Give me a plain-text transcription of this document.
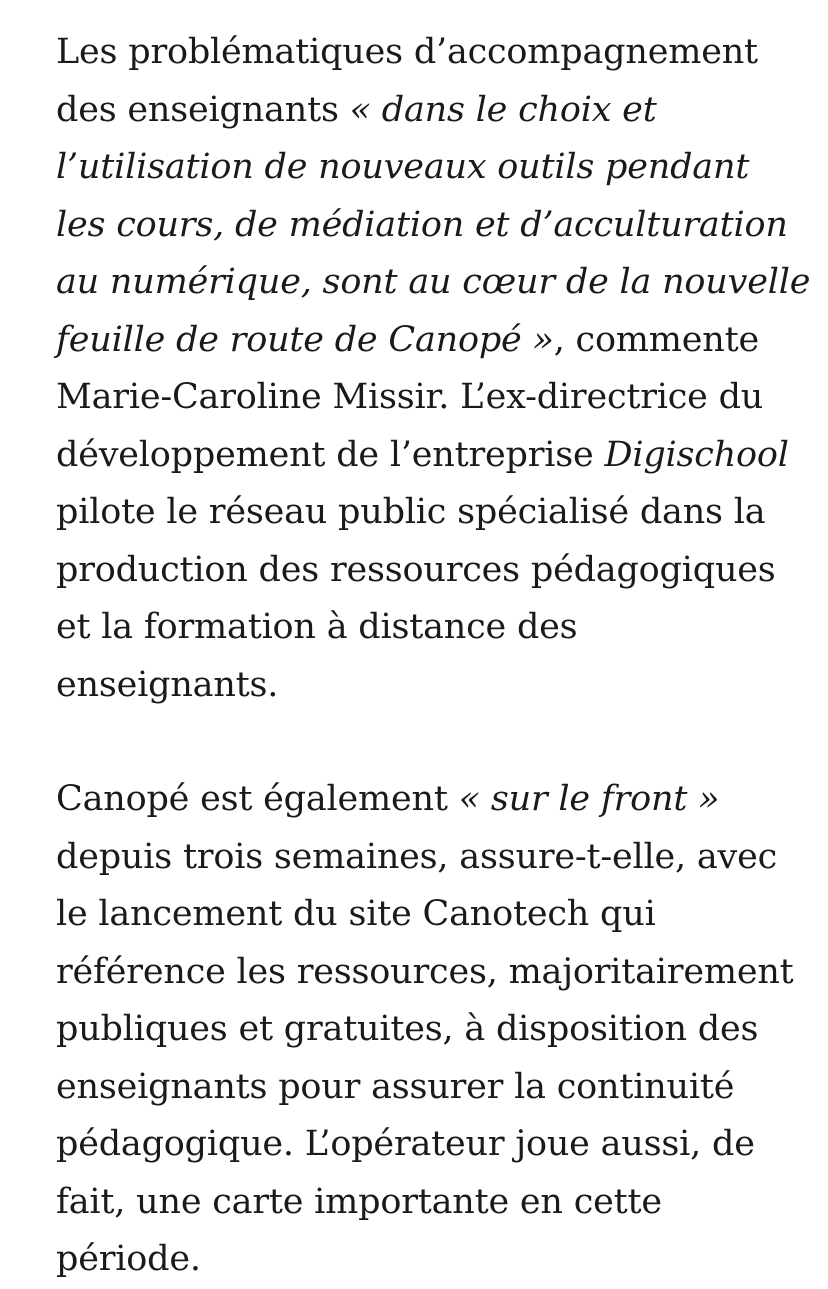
Les problématiques d’accompagnement
des enseignants « dans le choix et
l’utilisation de nouveaux outils pendant
les cours, de médiation et d’acculturation
au numérique, sont au cœur de la nouvelle
feuille de route de Canopé », commente
Marie-Caroline Missir. L’ex-directrice du
développement de l’entreprise Digischool
pilote le réseau public spécialisé dans la
production des ressources pédagogiques
et la formation à distance des
enseignants.

Canopé est également « sur le front »
depuis trois semaines, assure-t-elle, avec
le lancement du site Canotech qui
référence les ressources, majoritairement
publiques et gratuites, à disposition des
enseignants pour assurer la continuité
pédagogique. L’opérateur joue aussi, de
fait, une carte importante en cette
période.
